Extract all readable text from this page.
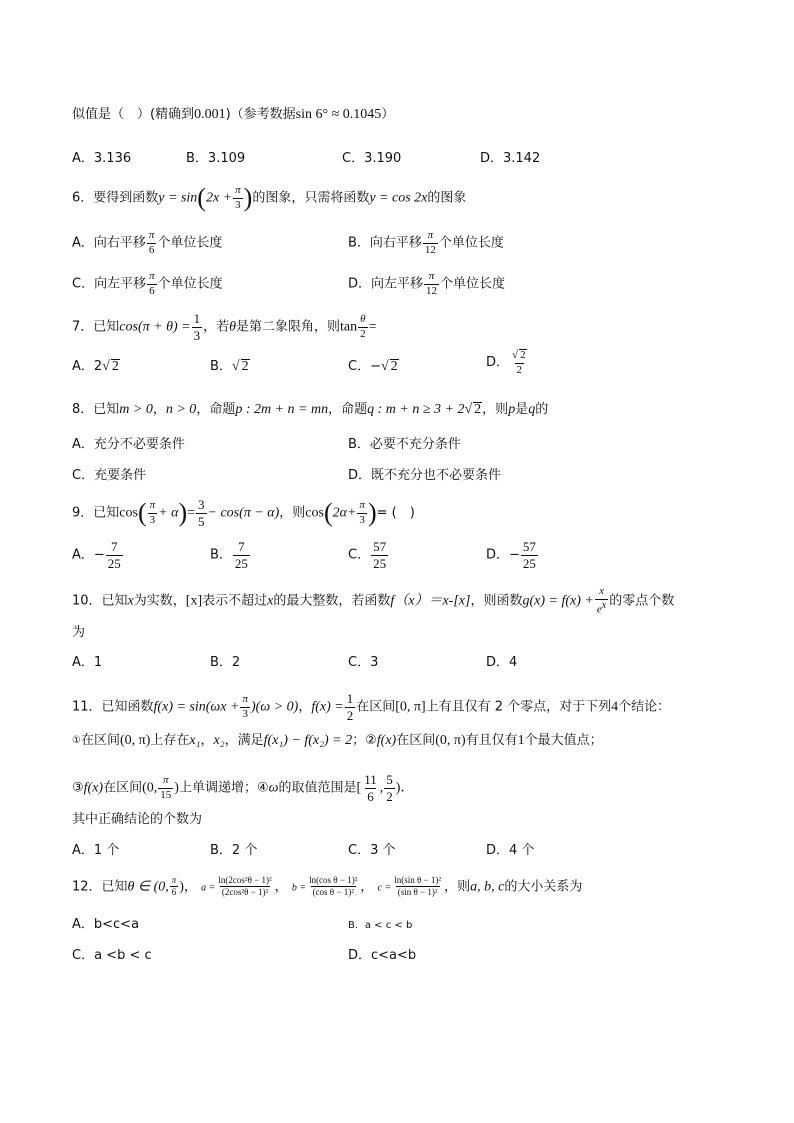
似值是（　）(精确到0.001)（参考数据sin 6° ≈ 0.1045）
A．3.136	B．3.109	C．3.190	D．3.142
6．要得到函数$y = \sin(2x + \frac{\pi}{3}$ )的图象，只需将函数y = cos 2x的图象
A．向右平移 $\frac{\pi}{6}$ 个单位长度	B．向右平移 $\frac{\pi}{12}$ 个单位长度
C．向左平移 $\frac{\pi}{6}$ 个单位长度	D．向左平移 $\frac{\pi}{12}$ 个单位长度
7．已知$\cos(\pi + \theta) = \frac{1}{3}$ ，若θ是第二象限角，则$\tan \frac{\theta}{2}$ =
A．2√ 2	B．√ 2	C．−√ 2	D． $\frac{√ 2}{2}$
8．已知m > 0，n > 0，命题p : 2m + n = mn，命题q : m + n ≥ 3 + 2√ 2，则p是q的
A．充分不必要条件	B．必要不充分条件
C．充要条件	D．既不充分也不必要条件
9．已知$\cos( \frac{\pi}{3} + \alpha)= \frac{3}{5} - \cos(\pi - \alpha)$，则$\cos(2\alpha+ \frac{\pi}{3}$ )= (　)
A．− $\frac{7}{25}$	B． $\frac{7}{25}$	C． $\frac{57}{25}$	D．− $\frac{57}{25}$
10．已知x为实数，[x]表示不超过x的最大整数，若函数f（x）＝x-[x]，则函数$g(x) = f(x) + \frac{x}{e^x}$ 的零点个数
为
A．1	B．2	C．3	D．4
11．已知函数$f(x) = \sin(\omega x + \frac{\pi}{3} )(\omega > 0)$，$f(x) = \frac{1}{2}$ 在区间[0, π]上有且仅有 2 个零点，对于下列4个结论：
①在区间(0, π)上存在x₁，x₂，满足f(x₁) − f(x₂) = 2；②f(x)在区间(0, π)有且仅有1个最大值点；
③f(x)在区间(0, $\frac{\pi}{15}$ )上单调递增；④ω的取值范围是[ $\frac{11}{6}$ , $\frac{5}{2}$ )．
其中正确结论的个数为
A．1 个	B．2 个	C．3 个	D．4 个
12．已知θ ∈ (0, $\frac{\pi}{6}$ )， $a = \frac{\text{ln(2cos²θ − 1)²}}{\text{(2cos²θ − 1)²}}$ ， $b = \frac{\text{ln(cos θ − 1)²}}{\text{(cos θ − 1)²}}$ ， $c = \frac{\text{ln(sin θ − 1)²}}{\text{(sin θ − 1)²}}$ ，则a, b, c的大小关系为
A．b<c<a	B．a < c < b
C．a <b < c	D．c<a<b
